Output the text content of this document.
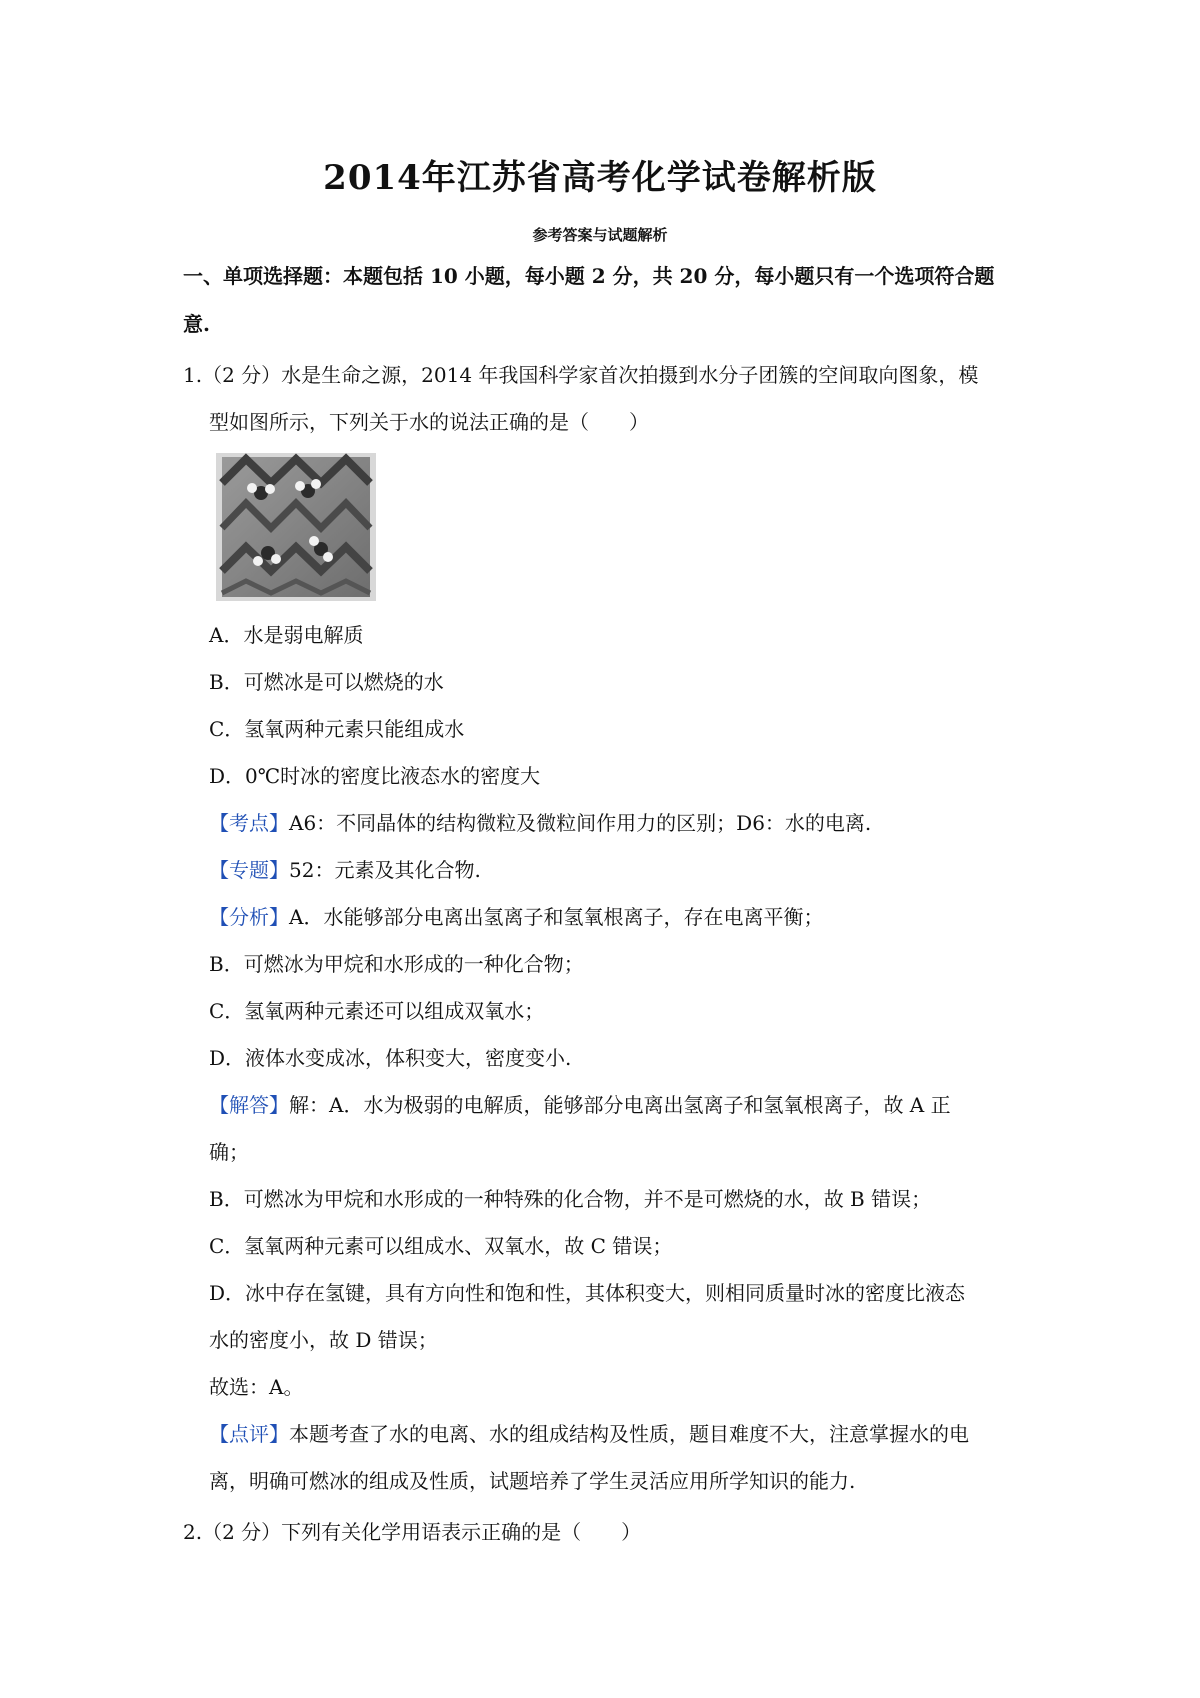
2014年江苏省高考化学试卷解析版
参考答案与试题解析
一、单项选择题：本题包括 10 小题，每小题 2 分，共 20 分，每小题只有一个选项符合题
意.
1.（2 分）水是生命之源，2014 年我国科学家首次拍摄到水分子团簇的空间取向图象，模
型如图所示，下列关于水的说法正确的是（　　）
A．水是弱电解质
B．可燃冰是可以燃烧的水
C．氢氧两种元素只能组成水
D．0℃时冰的密度比液态水的密度大
【考点】A6：不同晶体的结构微粒及微粒间作用力的区别；D6：水的电离.
【专题】52：元素及其化合物.
【分析】A．水能够部分电离出氢离子和氢氧根离子，存在电离平衡；
B．可燃冰为甲烷和水形成的一种化合物；
C．氢氧两种元素还可以组成双氧水；
D．液体水变成冰，体积变大，密度变小.
【解答】解：A．水为极弱的电解质，能够部分电离出氢离子和氢氧根离子，故 A 正
确；
B．可燃冰为甲烷和水形成的一种特殊的化合物，并不是可燃烧的水，故 B 错误；
C．氢氧两种元素可以组成水、双氧水，故 C 错误；
D．冰中存在氢键，具有方向性和饱和性，其体积变大，则相同质量时冰的密度比液态
水的密度小，故 D 错误；
故选：A。
【点评】本题考查了水的电离、水的组成结构及性质，题目难度不大，注意掌握水的电
离，明确可燃冰的组成及性质，试题培养了学生灵活应用所学知识的能力.
2.（2 分）下列有关化学用语表示正确的是（　　）
